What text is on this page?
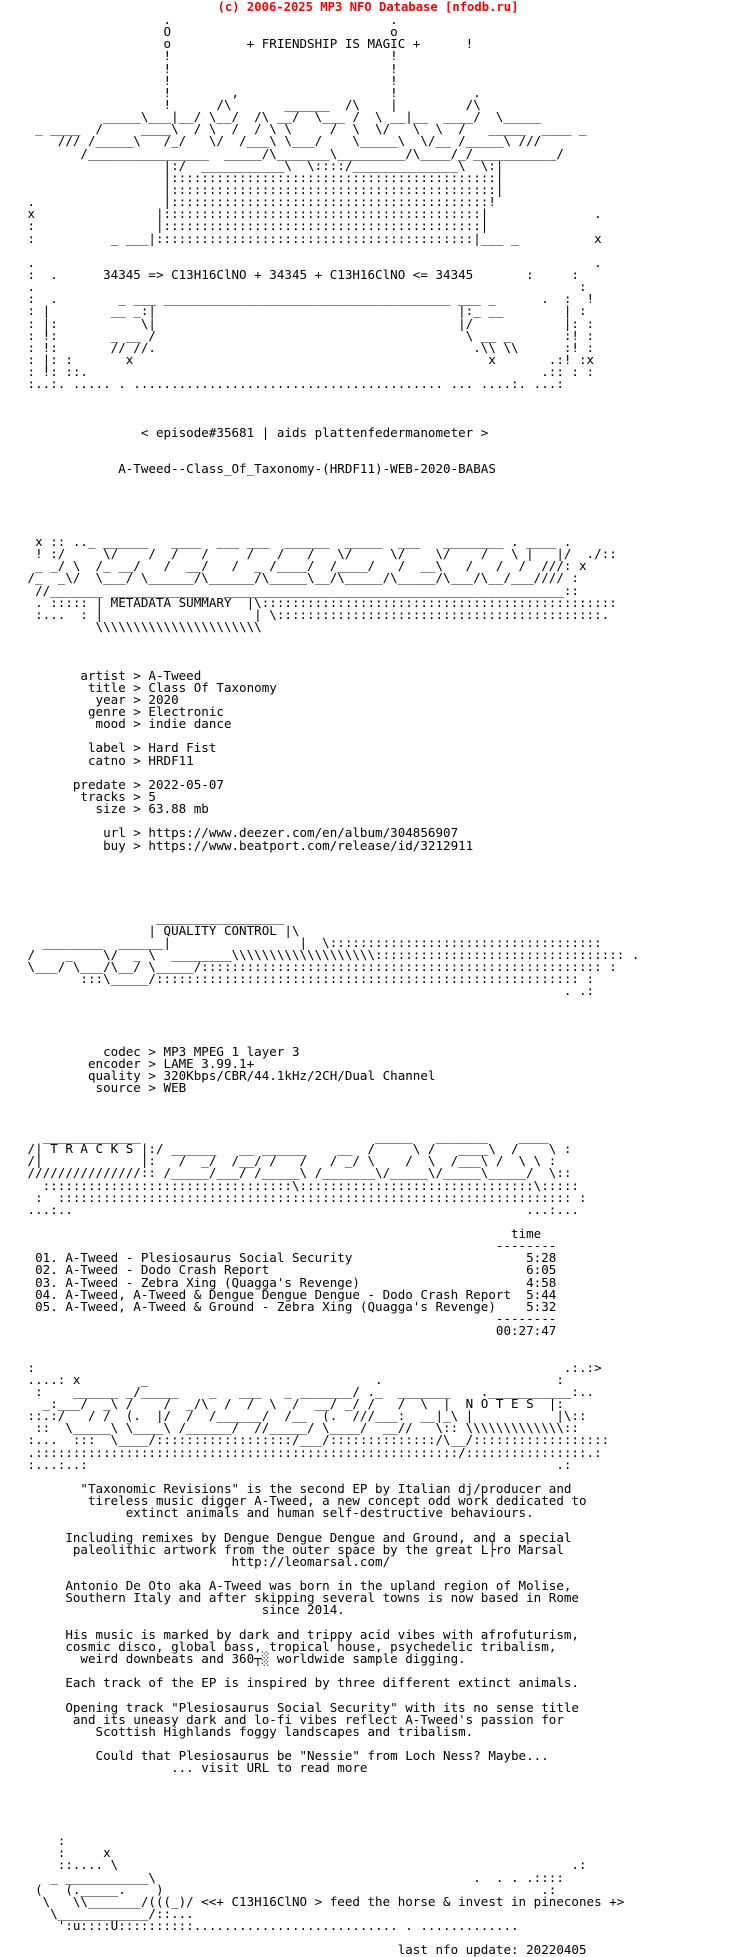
(c) 2006-2025 MP3 NFO Database [nfodb.ru]
.                             .
O                             o
o          + FRIENDSHIP IS MAGIC +      !
!                             !
!                             !
!                             !
!        ,                    !          .
!      /\       ______  /\    |         /\
_____\___|__/ \__/  /\ __/  \___ /  \ __|__  ____/  \_____
_ ____  /     ____\  / \  /  / \ \     /  \  \/   \  \  /   _____  ____ _
/// /_____\   /_/   \/  /___\ \___/    \_____\  \/__ /_____\ ///
/________________  _____/\_______\_________/\____/_/___________/
|:/  ___________\  \::::/______________\  \:|
|:::::::::::::::::::::::::::::::::::::::::::|
|:::::::::::::::::::::::::::::::::::::::::::|
.                 |::::::::::::::::::::::::::::::::::::::::::!
x                |::::::::::::::::::::::::::::::::::::::::::|              .
:                |::::::::::::::::::::::::::::::::::::::::::|
:          _ ___|::::::::::::::::::::::::::::::::::::::::::|___ _          x

.                                                                          .
:  .      34345 => C13H16ClNO + 34345 + C13H16ClNO <= 34345       :     :
.                                                                        :
:  .        _ ___ ______________________________________ ___ _      .  :  !
: |        __ _:|                                        |:_ __        | :
: |:           \|                                        |/            |: :
: !:       _ __ /                                         \ __ _       :! :
: !:       // //.                                          .\\ \\      :! :
: |: :       x                                               x       .:! :x
: !: ::.                                                            .:: : :
:..:. ..... . ......................................... ... ....:. ...:

< episode#35681 | aids plattenfedermanometer >

A-Tweed--Class_Of_Taxonomy-(HRDF11)-WEB-2020-BABAS

x :: .._ ______   ____  ___ ___  ______  _____  ___   ________ . ____ .
! :/     \/    /  /   /     /   /   /   \/     \/    \/    /   \ |   |/  ./::
_ _/ \  /_ __/   /  __/   /  _ /____/  /____/   /  __\   /   /  /  ///: x
/_  _\/  \___/ \______/\______/\_____\__/\_____/\_____/\___/\__/___//// :
//_______ _____________  _____________________________________________::
. ::::: | METADATA SUMMARY  |\:::::::::::::::::::::::::::::::::::::::::::::::
:...  : |                    | \:::::::::::::::::::::::::::::::::::::::::::.
\\\\\\\\\\\\\\\\\\\\\\

artist > A-Tweed
title > Class Of Taxonomy
year > 2020
genre > Electronic
mood > indie dance

label > Hard Fist
catno > HRDF11

predate > 2022-05-07
tracks > 5
size > 63.88 mb

url > https://www.deezer.com/en/album/304856907
buy > https://www.beatport.com/release/id/3212911

_________________
| QUALITY CONTROL |\
________  ______|                 |  \::::::::::::::::::::::::::::::::::::
/    _    \/  _ \  ________\\\\\\\\\\\\\\\\\\\::::::::::::::::::::::::::::::::: .
\___/ \___/\__/ \_____/::::::::::::::::::::::::::::::::::::::::::::::::::::: :
:::\_____/:::::::::::::::::::::::::::::::::::::::::::::::::::::::: :
. .:

codec > MP3 MPEG 1 layer 3
encoder > LAME 3.99.1+
quality > 320Kbps/CBR/44.1kHz/2CH/Dual Channel
source > WEB

_____________                               _____   _______    ____
/| T R A C K S |:/ ______   __ ______    __  /     \ /   ____\  /    \ :
/|             |:   /  _/  /__/ /   /   / _/ \    /  \  /___\ /  \ \ :
///////////////:: /_____/___/ /_____\ /_______\/_____\/_____\_____/  \::
:::::::::::::::::::::::::::::::::\:::::::::::::::::::::::::::::::\:::::
:  :::::::::::::::::::::::::::::::::::::::::::::::::::::::::::::::::::: :
...:..                                                            ...:...

time
--------
01. A-Tweed - Plesiosaurus Social Security                       5:28
02. A-Tweed - Dodo Crash Report                                  6:05
03. A-Tweed - Zebra Xing (Quagga's Revenge)                      4:58
04. A-Tweed, A-Tweed & Dengue Dengue Dengue - Dodo Crash Report  5:44
05. A-Tweed, A-Tweed & Ground - Zebra Xing (Quagga's Revenge)    5:32
--------
00:27:47

:                                                                      .:.:>
....: x        _                              .                       :
:    ______ _/_____    _   ___   _ _______/ ._  _______    .___________:..
_:___/  _\ /    /  _/\  /  /  \  /  __/ _/ /   /  \  |  N O T E S  |:
::.:/   / /  (.  |/  /  /______/  /__  (.  ///___:  __|_\ |           |\::
::  \_____\ \____\ /______/  //_____/ \____/  __//   \:: \\\\\\\\\\\\\::
:...  :::  \____/::::::::::::::::::/___/::::::::::::::/\__/::::::::::::::::::
.::::::::::::::::::::::::::::::::::::::::::::::::::::::::/::::::::::::::::.:
:...:..:                                                              .:

"Taxonomic Revisions" is the second EP by Italian dj/producer and
tireless music digger A-Tweed, a new concept odd work dedicated to
extinct animals and human self-destructive behaviours.

Including remixes by Dengue Dengue Dengue and Ground, and a special
paleolithic artwork from the outer space by the great L├ro Marsal
http://leomarsal.com/

Antonio De Oto aka A-Tweed was born in the upland region of Molise,
Southern Italy and after skipping several towns is now based in Rome
since 2014.

His music is marked by dark and trippy acid vibes with afrofuturism,
cosmic disco, global bass, tropical house, psychedelic tribalism,
weird downbeats and 360┬░ worldwide sample digging.

Each track of the EP is inspired by three different extinct animals.

Opening track "Plesiosaurus Social Security" with its no sense title
and its uneasy dark and lo-fi vibes reflect A-Tweed's passion for
Scottish Highlands foggy landscapes and tribalism.

Could that Plesiosaurus be "Nessie" from Loch Ness? Maybe...
... visit URL to read more

:
:     x
::.... \                                                            .:
_ ___________\                                          .  . . .::::
(   (._____.    )                                                  .:
\   \\_______/(((_)/ <<+ C13H16ClNO > feed the horse & invest in pinecones +>
\____________/::...
':u::::U::::::::::........................... . .............

last nfo update: 20220405
